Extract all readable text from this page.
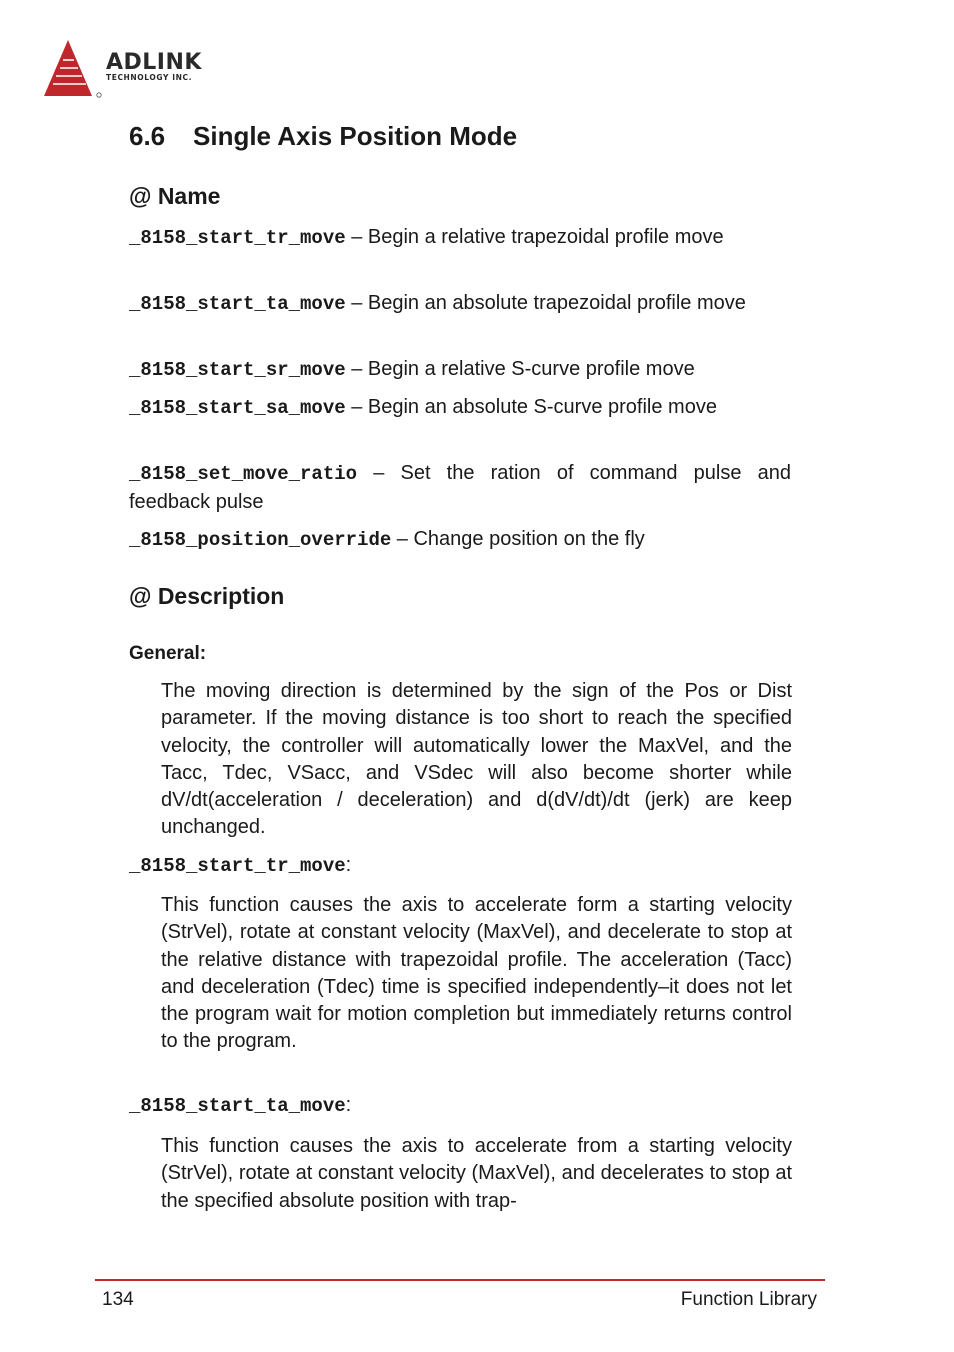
ADLINK
TECHNOLOGY INC.
6.6 Single Axis Position Mode
@ Name

_8158_start_tr_move – Begin a relative trapezoidal profile move

_8158_start_ta_move – Begin an absolute trapezoidal profile move

_8158_start_sr_move – Begin a relative S-curve profile move

_8158_start_sa_move – Begin an absolute S-curve profile move

_8158_set_move_ratio – Set the ration of command pulse and feedback pulse

_8158_position_override – Change position on the fly

@ Description

General:

The moving direction is determined by the sign of the Pos or Dist parameter. If the moving distance is too short to reach the specified velocity, the controller will automatically lower the MaxVel, and the Tacc, Tdec, VSacc, and VSdec will also become shorter while dV/dt(acceleration / deceleration) and d(dV/dt)/dt (jerk) are keep unchanged.

_8158_start_tr_move:

This function causes the axis to accelerate form a starting velocity (StrVel), rotate at constant velocity (MaxVel), and decelerate to stop at the relative distance with trapezoidal profile. The acceleration (Tacc) and deceleration (Tdec) time is specified independently–it does not let the program wait for motion completion but immediately returns control to the program.

_8158_start_ta_move:

This function causes the axis to accelerate from a starting velocity (StrVel), rotate at constant velocity (MaxVel), and decelerates to stop at the specified absolute position with trap-

134	Function Library
